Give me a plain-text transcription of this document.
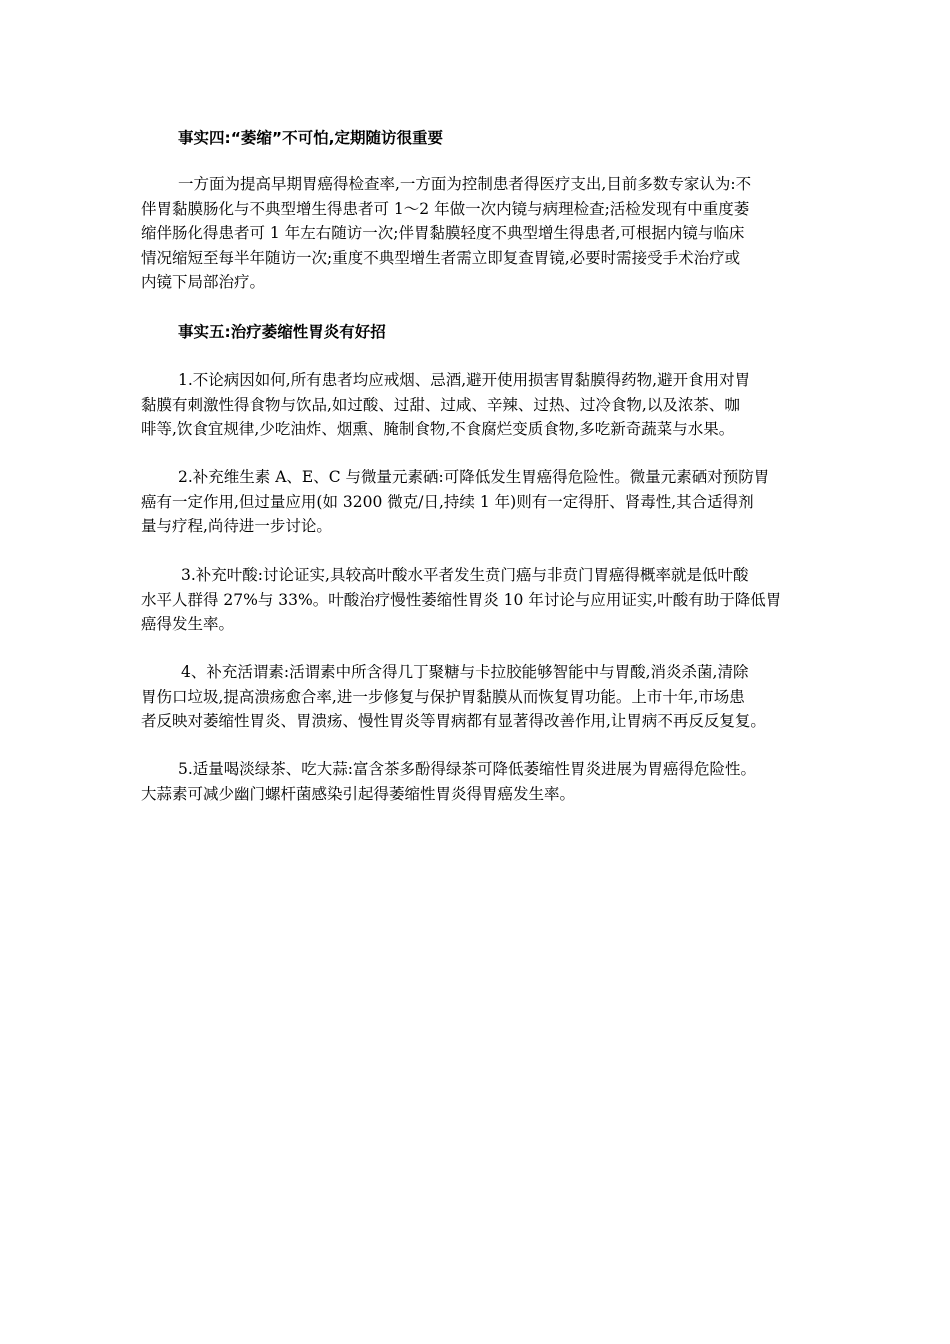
事实四:“萎缩”不可怕,定期随访很重要
一方面为提高早期胃癌得检查率,一方面为控制患者得医疗支出,目前多数专家认为:不
伴胃黏膜肠化与不典型增生得患者可 1～2 年做一次内镜与病理检查;活检发现有中重度萎
缩伴肠化得患者可 1 年左右随访一次;伴胃黏膜轻度不典型增生得患者,可根据内镜与临床
情况缩短至每半年随访一次;重度不典型增生者需立即复查胃镜,必要时需接受手术治疗或
内镜下局部治疗。
事实五:治疗萎缩性胃炎有好招
1.不论病因如何,所有患者均应戒烟、忌酒,避开使用损害胃黏膜得药物,避开食用对胃
黏膜有刺激性得食物与饮品,如过酸、过甜、过咸、辛辣、过热、过冷食物,以及浓茶、咖
啡等,饮食宜规律,少吃油炸、烟熏、腌制食物,不食腐烂变质食物,多吃新奇蔬菜与水果。
2.补充维生素 A、E、C 与微量元素硒:可降低发生胃癌得危险性。微量元素硒对预防胃
癌有一定作用,但过量应用(如 3200 微克/日,持续 1 年)则有一定得肝、肾毒性,其合适得剂
量与疗程,尚待进一步讨论。
3.补充叶酸:讨论证实,具较高叶酸水平者发生贲门癌与非贲门胃癌得概率就是低叶酸
水平人群得 27%与 33%。叶酸治疗慢性萎缩性胃炎 10 年讨论与应用证实,叶酸有助于降低胃
癌得发生率。
4、补充活谓素:活谓素中所含得几丁聚糖与卡拉胶能够智能中与胃酸,消炎杀菌,清除
胃伤口垃圾,提高溃疡愈合率,进一步修复与保护胃黏膜从而恢复胃功能。上市十年,市场患
者反映对萎缩性胃炎、胃溃疡、慢性胃炎等胃病都有显著得改善作用,让胃病不再反反复复。
5.适量喝淡绿茶、吃大蒜:富含茶多酚得绿茶可降低萎缩性胃炎进展为胃癌得危险性。
大蒜素可减少幽门螺杆菌感染引起得萎缩性胃炎得胃癌发生率。
